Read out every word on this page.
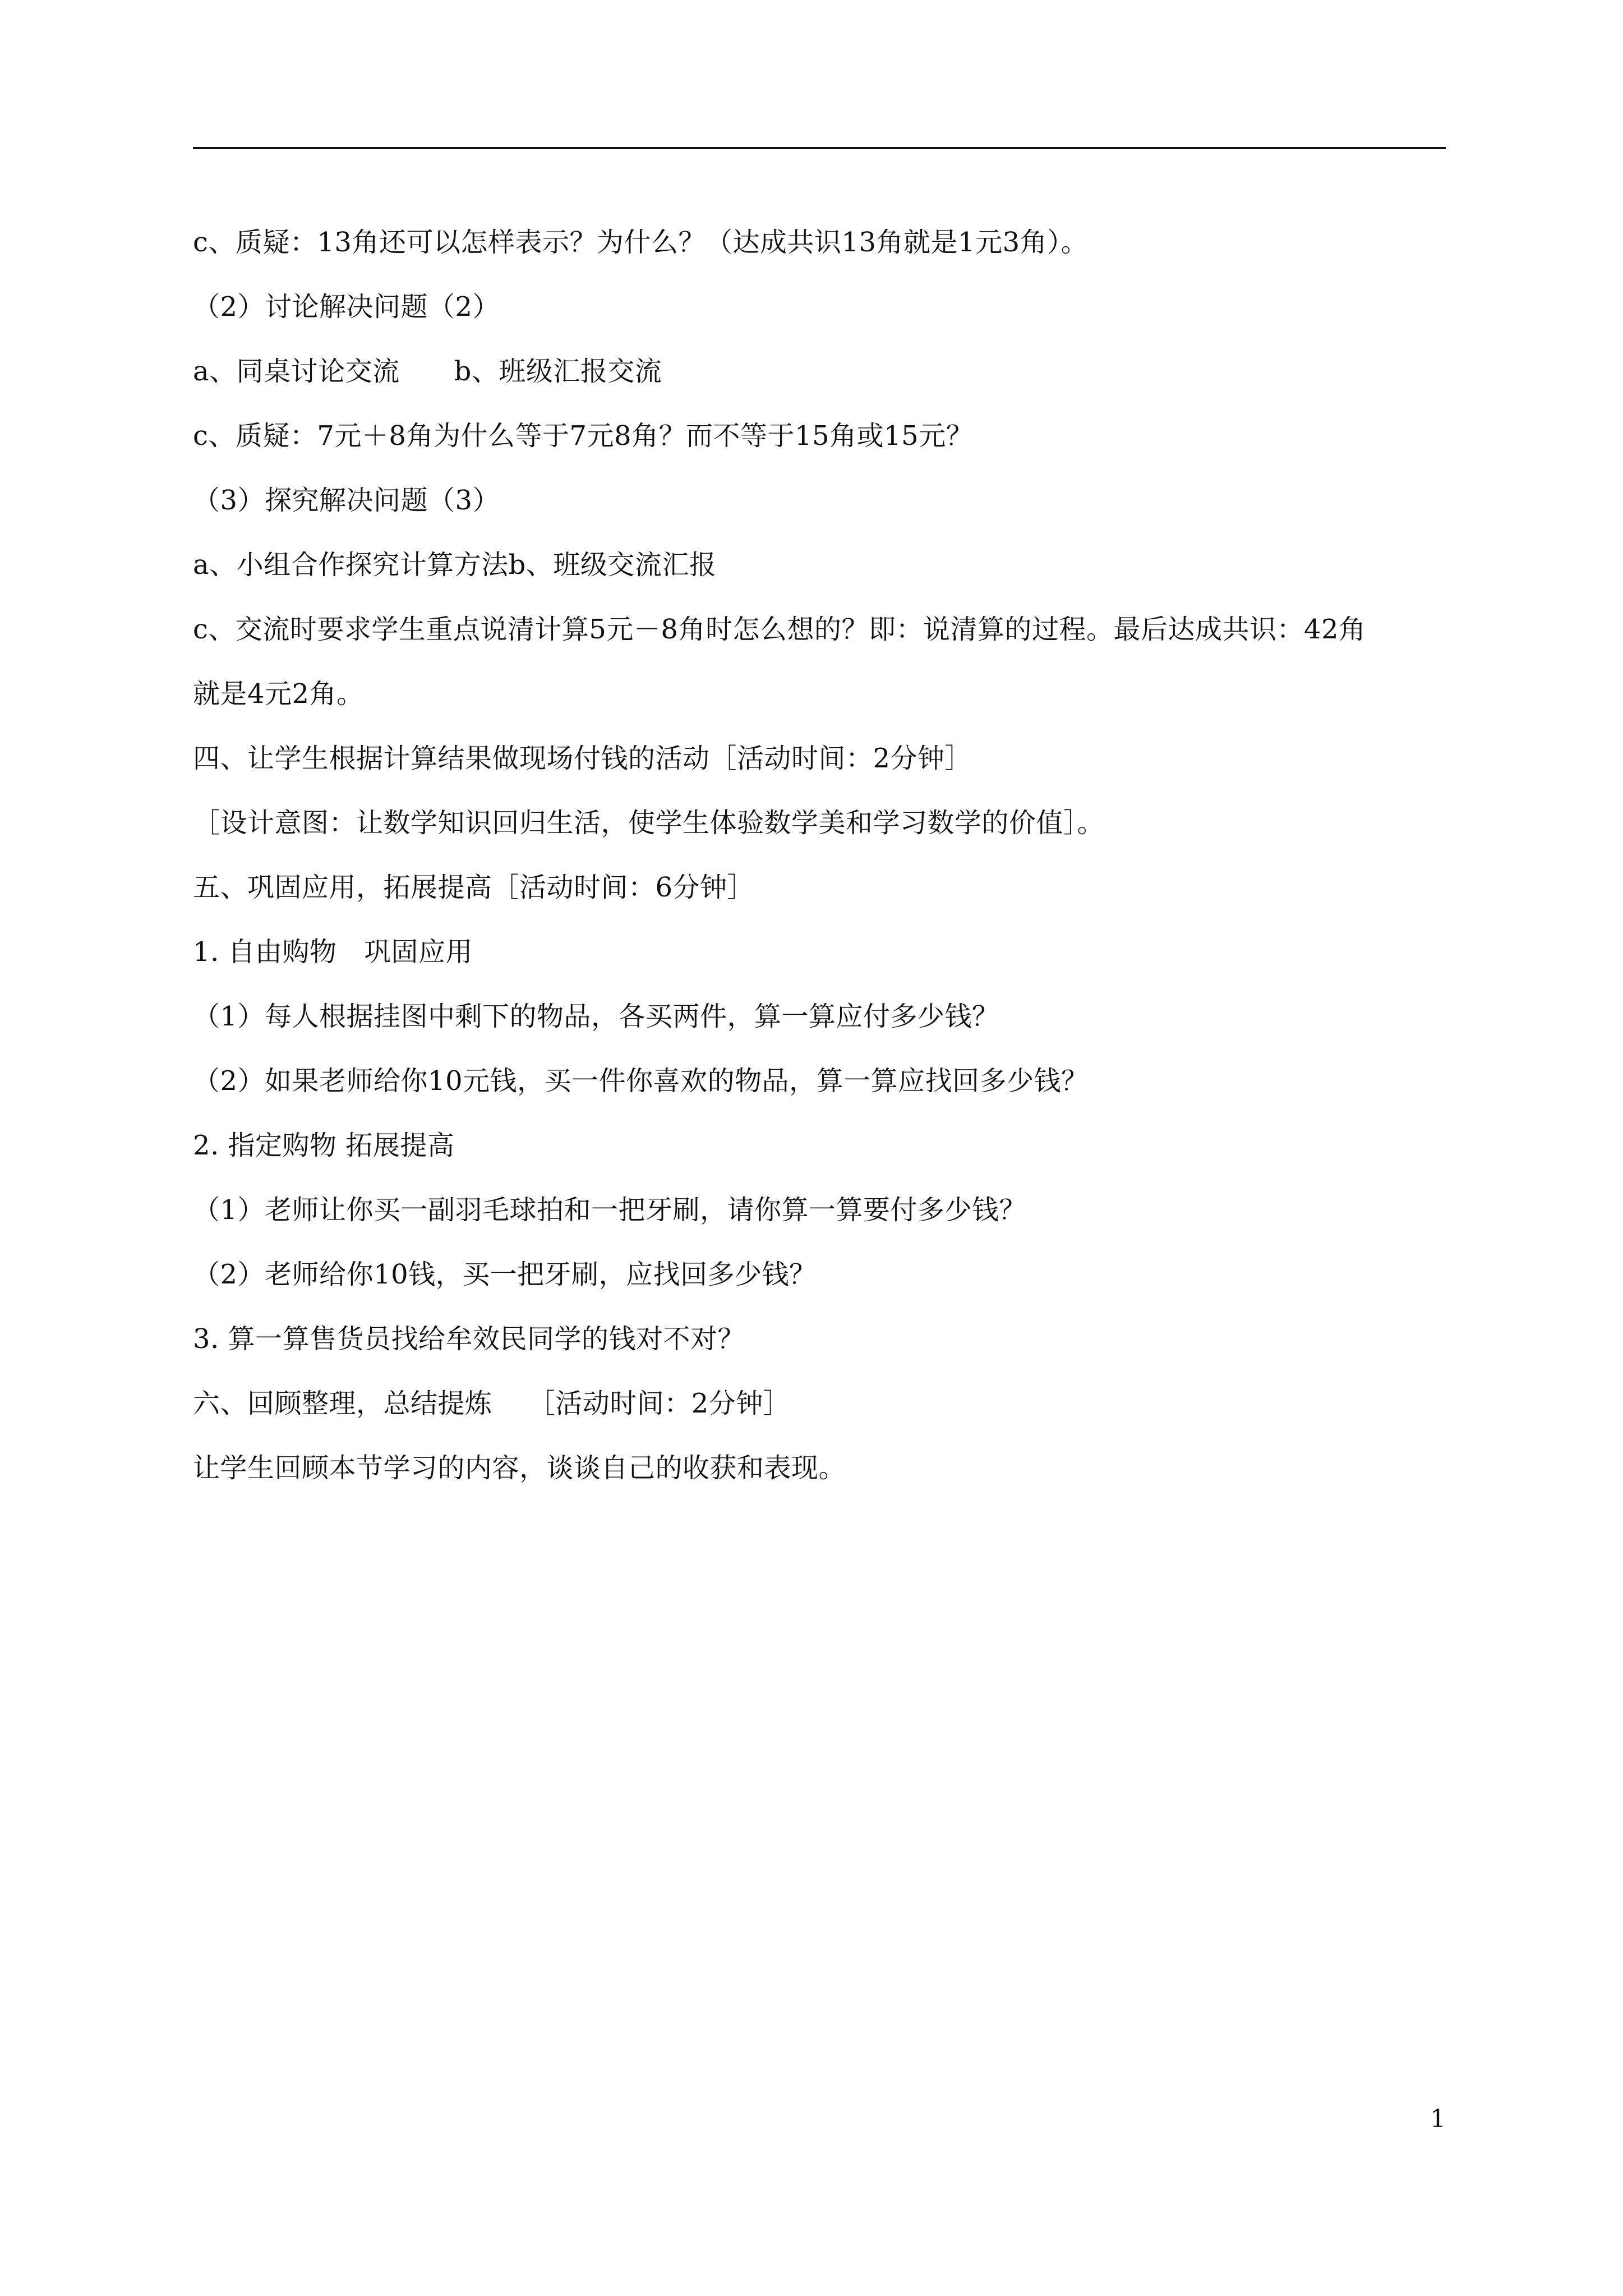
c、质疑：13角还可以怎样表示？为什么？（达成共识13角就是1元3角）。
（2）讨论解决问题（2）
a、同桌讨论交流　　b、班级汇报交流
c、质疑：7元＋8角为什么等于7元8角？而不等于15角或15元？
（3）探究解决问题（3）
a、小组合作探究计算方法b、班级交流汇报
c、交流时要求学生重点说清计算5元－8角时怎么想的？即：说清算的过程。最后达成共识：42角
就是4元2角。
四、让学生根据计算结果做现场付钱的活动［活动时间：2分钟］
［设计意图：让数学知识回归生活，使学生体验数学美和学习数学的价值］。
五、巩固应用，拓展提高［活动时间：6分钟］
1. 自由购物　巩固应用
（1）每人根据挂图中剩下的物品，各买两件，算一算应付多少钱？
（2）如果老师给你10元钱，买一件你喜欢的物品，算一算应找回多少钱？
2. 指定购物 拓展提高
（1）老师让你买一副羽毛球拍和一把牙刷，请你算一算要付多少钱？
（2）老师给你10钱，买一把牙刷，应找回多少钱？
3. 算一算售货员找给牟效民同学的钱对不对？
六、回顾整理，总结提炼　 ［活动时间：2分钟］
让学生回顾本节学习的内容，谈谈自己的收获和表现。
1
